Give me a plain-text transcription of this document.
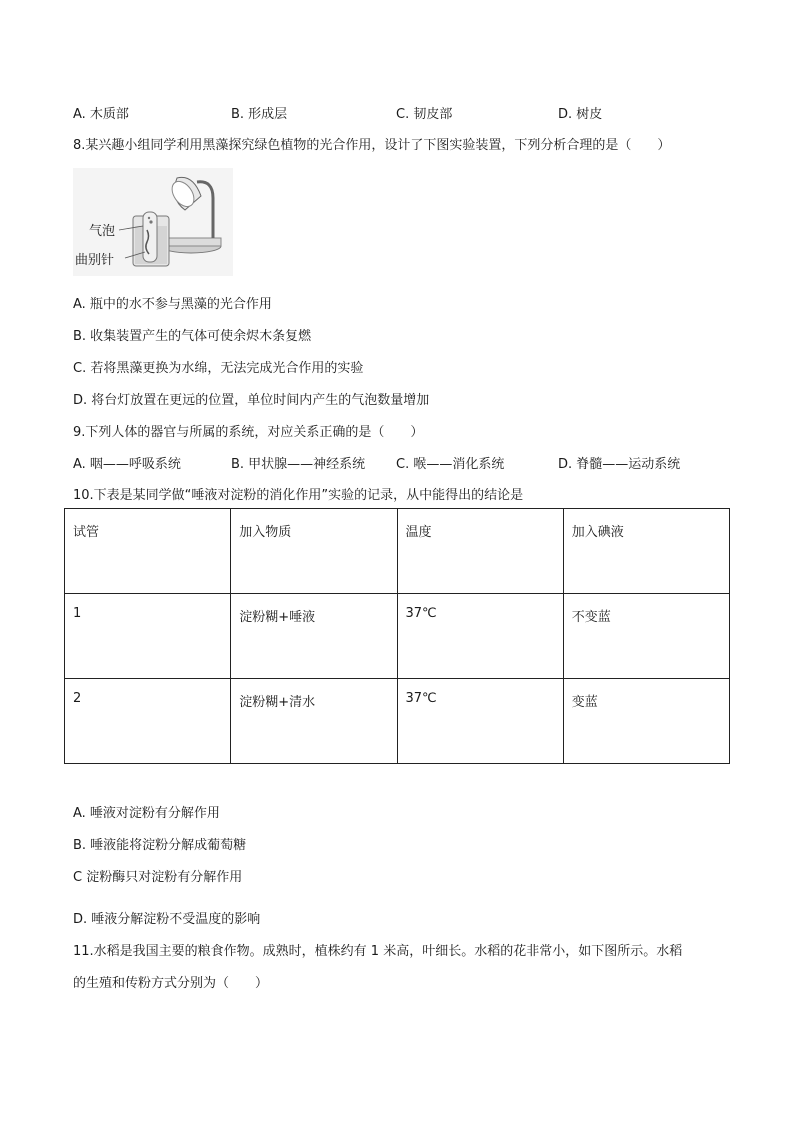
A. 木质部	B. 形成层	C. 韧皮部	D. 树皮
8.某兴趣小组同学利用黑藻探究绿色植物的光合作用，设计了下图实验装置，下列分析合理的是（　　）
气泡
曲别针
A. 瓶中的水不参与黑藻的光合作用
B. 收集装置产生的气体可使余烬木条复燃
C. 若将黑藻更换为水绵，无法完成光合作用的实验
D. 将台灯放置在更远的位置，单位时间内产生的气泡数量增加
9.下列人体的器官与所属的系统，对应关系正确的是（　　）
A. 咽——呼吸系统	B. 甲状腺——神经系统 C. 喉——消化系统	D. 脊髓——运动系统
10.下表是某同学做“唾液对淀粉的消化作用”实验的记录，从中能得出的结论是
试管	加入物质	温度	加入碘液
1	淀粉糊+唾液	37℃	不变蓝
2	淀粉糊+清水	37℃	变蓝
A. 唾液对淀粉有分解作用
B. 唾液能将淀粉分解成葡萄糖
C 淀粉酶只对淀粉有分解作用
D. 唾液分解淀粉不受温度的影响
11.水稻是我国主要的粮食作物。成熟时，植株约有 1 米高，叶细长。水稻的花非常小，如下图所示。水稻
的生殖和传粉方式分别为（　　）
